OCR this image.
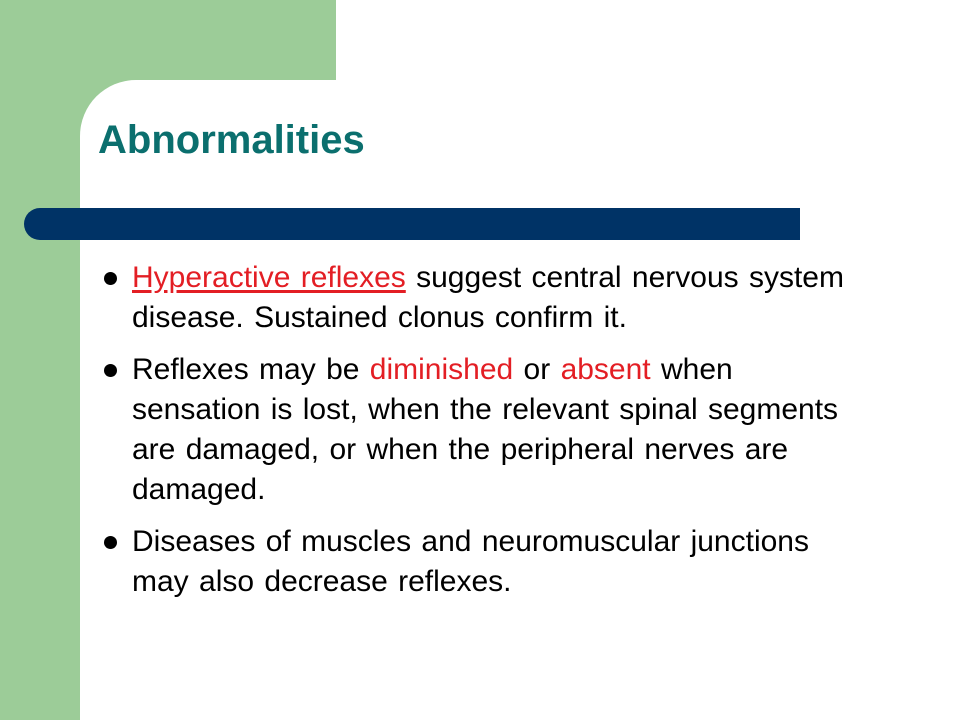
Abnormalities
Hyperactive reflexes suggest central nervous system disease. Sustained clonus confirm it.
Reflexes may be diminished or absent when sensation is lost, when the relevant spinal segments are damaged, or when the peripheral nerves are damaged.
Diseases of muscles and neuromuscular junctions may also decrease reflexes.
